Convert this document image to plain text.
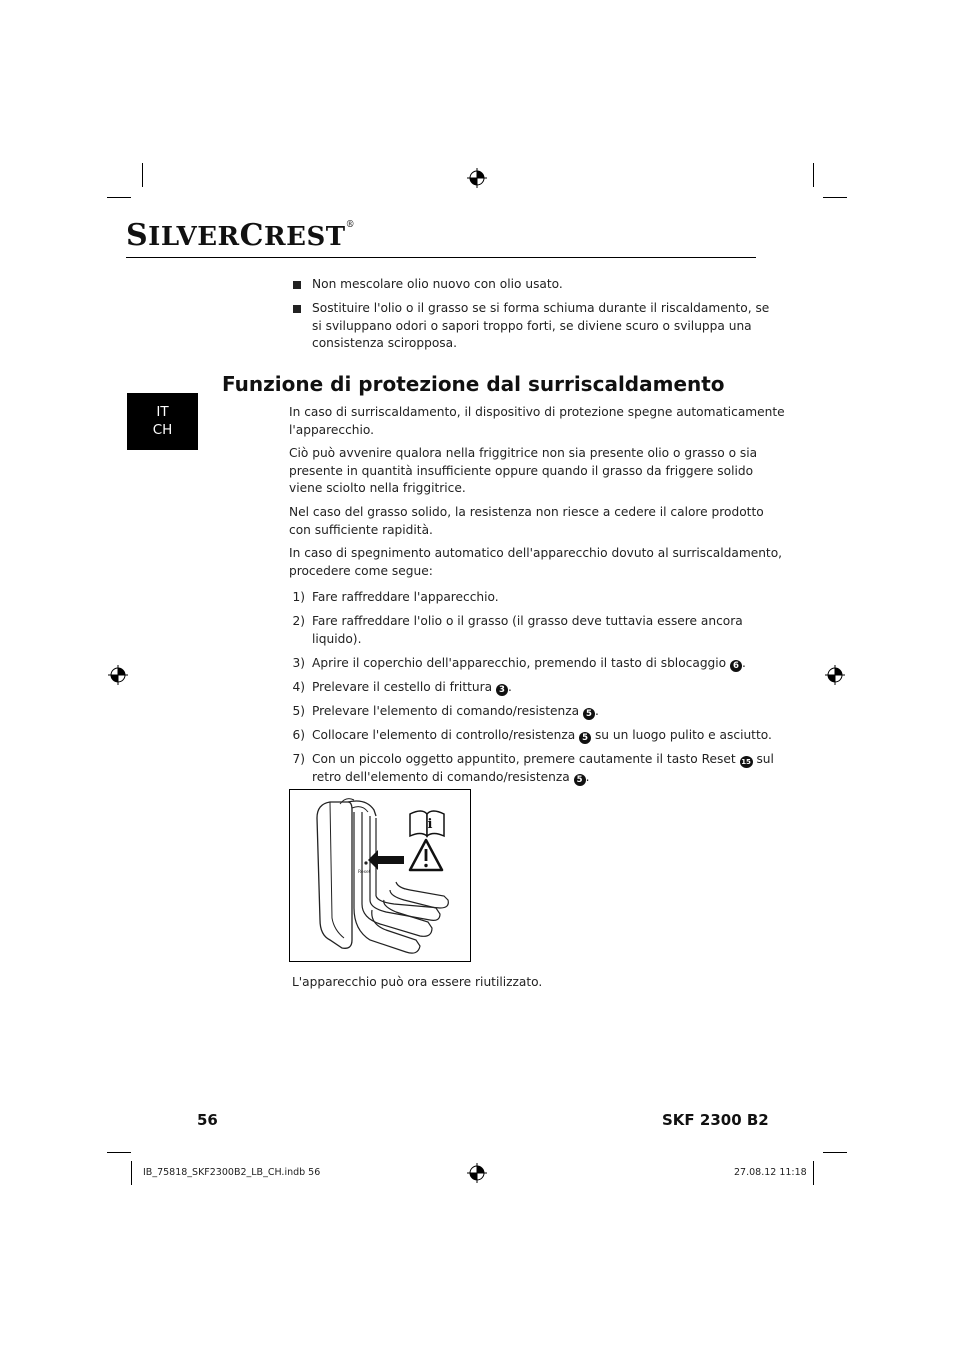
SILVERCREST®
Non mescolare olio nuovo con olio usato.
Sostituire l'olio o il grasso se si forma schiuma durante il riscaldamento, se
si sviluppano odori o sapori troppo forti, se diviene scuro o sviluppa una
consistenza sciropposa.
Funzione di protezione dal surriscaldamento
IT
CH
In caso di surriscaldamento, il dispositivo di protezione spegne automaticamente
l'apparecchio.
Ciò può avvenire qualora nella friggitrice non sia presente olio o grasso o sia
presente in quantità insufficiente oppure quando il grasso da friggere solido
viene sciolto nella friggitrice.
Nel caso del grasso solido, la resistenza non riesce a cedere il calore prodotto
con sufficiente rapidità.
In caso di spegnimento automatico dell'apparecchio dovuto al surriscaldamento,
procedere come segue:
1) Fare raffreddare l'apparecchio.
2) Fare raffreddare l'olio o il grasso (il grasso deve tuttavia essere ancora
liquido).
3) Aprire il coperchio dell'apparecchio, premendo il tasto di sblocaggio 6 .
4) Prelevare il cestello di frittura 3 .
5) Prelevare l'elemento di comando/resistenza 5 .
6) Collocare l'elemento di controllo/resistenza 5 su un luogo pulito e asciutto.
7) Con un piccolo oggetto appuntito, premere cautamente il tasto Reset 15 sul
retro dell'elemento di comando/resistenza 5 .
Reset
i
L'apparecchio può ora essere riutilizzato.
56	SKF 2300 B2
IB_75818_SKF2300B2_LB_CH.indb 56	27.08.12 11:18
